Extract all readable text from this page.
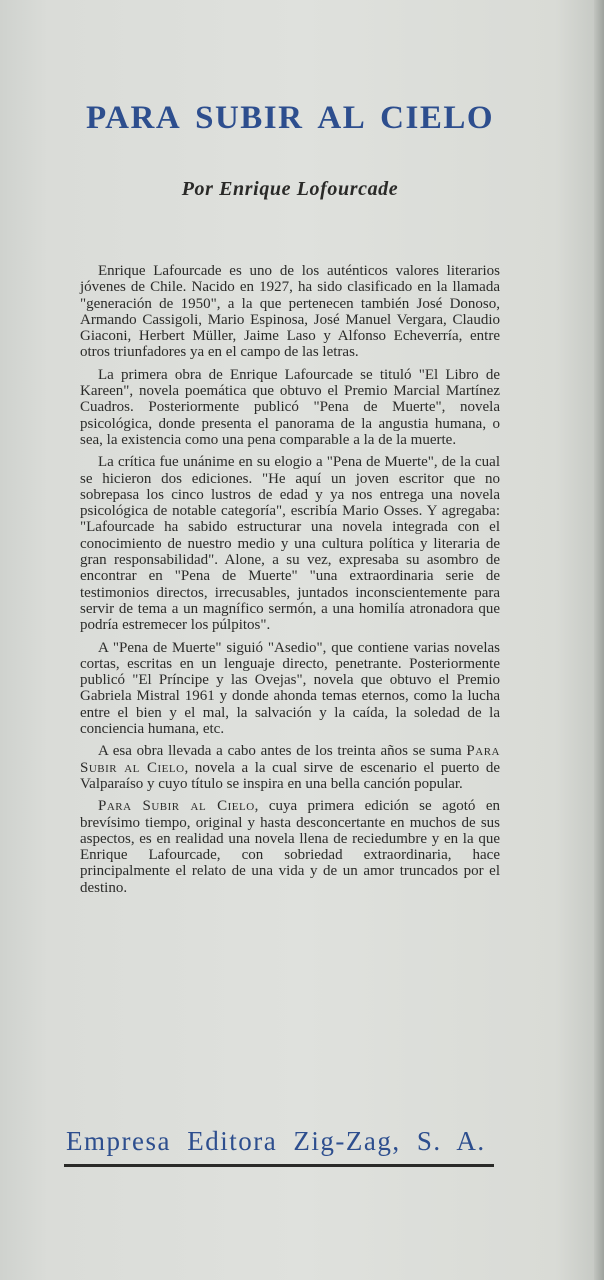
PARA SUBIR AL CIELO

Por Enrique Lofourcade

Enrique Lafourcade es uno de los auténticos valores literarios jóvenes de Chile. Nacido en 1927, ha sido clasificado en la llamada "generación de 1950", a la que pertenecen también José Donoso, Armando Cassigoli, Mario Espinosa, José Manuel Vergara, Claudio Giaconi, Herbert Müller, Jaime Laso y Alfonso Echeverría, entre otros triunfadores ya en el campo de las letras.

La primera obra de Enrique Lafourcade se tituló "El Libro de Kareen", novela poemática que obtuvo el Premio Marcial Martínez Cuadros. Posteriormente publicó "Pena de Muerte", novela psicológica, donde presenta el panorama de la angustia humana, o sea, la existencia como una pena comparable a la de la muerte.

La crítica fue unánime en su elogio a "Pena de Muerte", de la cual se hicieron dos ediciones. "He aquí un joven escritor que no sobrepasa los cinco lustros de edad y ya nos entrega una novela psicológica de notable categoría", escribía Mario Osses. Y agregaba: "Lafourcade ha sabido estructurar una novela integrada con el conocimiento de nuestro medio y una cultura política y literaria de gran responsabilidad". Alone, a su vez, expresaba su asombro de encontrar en "Pena de Muerte" "una extraordinaria serie de testimonios directos, irrecusables, juntados inconscientemente para servir de tema a un magnífico sermón, a una homilía atronadora que podría estremecer los púlpitos".

A "Pena de Muerte" siguió "Asedio", que contiene varias novelas cortas, escritas en un lenguaje directo, penetrante. Posteriormente publicó "El Príncipe y las Ovejas", novela que obtuvo el Premio Gabriela Mistral 1961 y donde ahonda temas eternos, como la lucha entre el bien y el mal, la salvación y la caída, la soledad de la conciencia humana, etc.

A esa obra llevada a cabo antes de los treinta años se suma Para Subir al Cielo, novela a la cual sirve de escenario el puerto de Valparaíso y cuyo título se inspira en una bella canción popular.

Para Subir al Cielo, cuya primera edición se agotó en brevísimo tiempo, original y hasta desconcertante en muchos de sus aspectos, es en realidad una novela llena de reciedumbre y en la que Enrique Lafourcade, con sobriedad extraordinaria, hace principalmente el relato de una vida y de un amor truncados por el destino.

Empresa Editora Zig-Zag, S. A.
